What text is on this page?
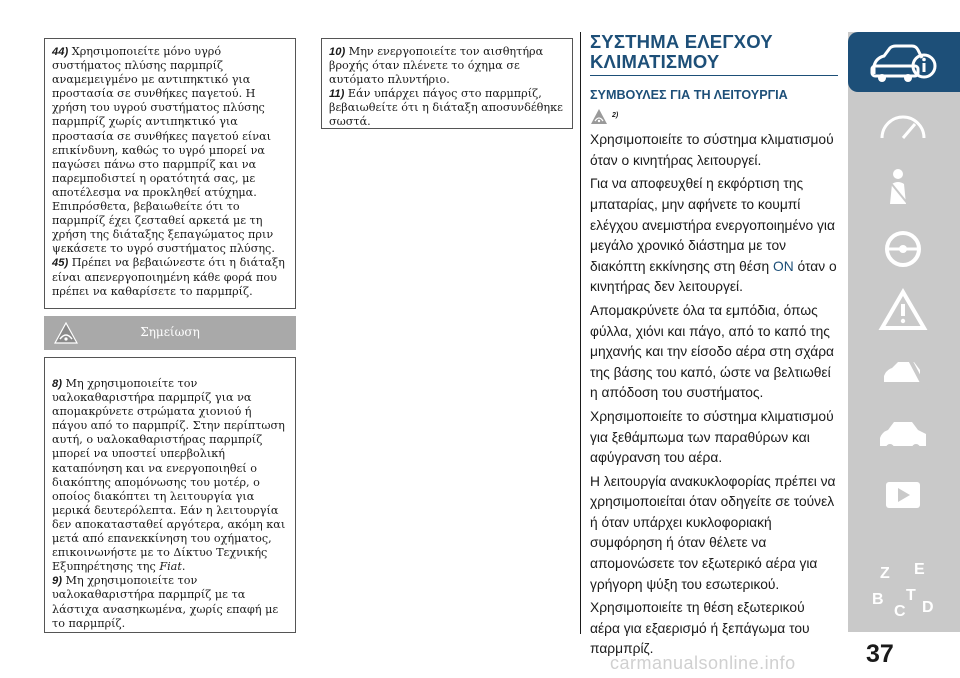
44) Χρησιμοποιείτε μόνο υγρό συστήματος πλύσης παρμπρίζ αναμεμειγμένο με αντιπηκτικό για προστασία σε συνθήκες παγετού. Η χρήση του υγρού συστήματος πλύσης παρμπρίζ χωρίς αντιπηκτικό για προστασία σε συνθήκες παγετού είναι επικίνδυνη, καθώς το υγρό μπορεί να παγώσει πάνω στο παρμπρίζ και να παρεμποδιστεί η ορατότητά σας, με αποτέλεσμα να προκληθεί ατύχημα. Επιπρόσθετα, βεβαιωθείτε ότι το παρμπρίζ έχει ζεσταθεί αρκετά με τη χρήση της διάταξης ξεπαγώματος πριν ψεκάσετε το υγρό συστήματος πλύσης.

45) Πρέπει να βεβαιώνεστε ότι η διάταξη είναι απενεργοποιημένη κάθε φορά που πρέπει να καθαρίσετε το παρμπρίζ.

Σημείωση

8) Μη χρησιμοποιείτε τον υαλοκαθαριστήρα παρμπρίζ για να απομακρύνετε στρώματα χιονιού ή πάγου από το παρμπρίζ. Στην περίπτωση αυτή, ο υαλοκαθαριστήρας παρμπρίζ μπορεί να υποστεί υπερβολική καταπόνηση και να ενεργοποιηθεί ο διακόπτης απομόνωσης του μοτέρ, ο οποίος διακόπτει τη λειτουργία για μερικά δευτερόλεπτα. Εάν η λειτουργία δεν αποκατασταθεί αργότερα, ακόμη και μετά από επανεκκίνηση του οχήματος, επικοινωνήστε με το Δίκτυο Τεχνικής Εξυπηρέτησης της Fiat.

9) Μη χρησιμοποιείτε τον υαλοκαθαριστήρα παρμπρίζ με τα λάστιχα ανασηκωμένα, χωρίς επαφή με το παρμπρίζ.

10) Μην ενεργοποιείτε τον αισθητήρα βροχής όταν πλένετε το όχημα σε αυτόματο πλυντήριο.

11) Εάν υπάρχει πάγος στο παρμπρίζ, βεβαιωθείτε ότι η διάταξη απoσυνδέθηκε σωστά.

ΣΥΣΤΗΜΑ ΕΛΕΓΧΟΥ ΚΛΙΜΑΤΙΣΜΟΥ
ΣΥΜΒΟΥΛΕΣ ΓΙΑ ΤΗ ΛΕΙΤΟΥΡΓΙΑ
2)

Χρησιμοποιείτε το σύστημα κλιματισμού όταν ο κινητήρας λειτουργεί.

Για να αποφευχθεί η εκφόρτιση της μπαταρίας, μην αφήνετε το κουμπί ελέγχου ανεμιστήρα ενεργοποιημένο για μεγάλο χρονικό διάστημα με τον διακόπτη εκκίνησης στη θέση ON όταν ο κινητήρας δεν λειτουργεί.

Απομακρύνετε όλα τα εμπόδια, όπως φύλλα, χιόνι και πάγο, από το καπό της μηχανής και την είσοδο αέρα στη σχάρα της βάσης του καπό, ώστε να βελτιωθεί η απόδοση του συστήματος.

Χρησιμοποιείτε το σύστημα κλιματισμού για ξεθάμπωμα των παραθύρων και αφύγρανση του αέρα.

Η λειτουργία ανακυκλοφορίας πρέπει να χρησιμοποιείται όταν οδηγείτε σε τούνελ ή όταν υπάρχει κυκλοφοριακή συμφόρηση ή όταν θέλετε να απομονώσετε τον εξωτερικό αέρα για γρήγορη ψύξη του εσωτερικού.

Χρησιμοποιείτε τη θέση εξωτερικού αέρα για εξαερισμό ή ξεπάγωμα του παρμπρίζ.

Z E
B
C
T
D
37
carmanualsonline.info
